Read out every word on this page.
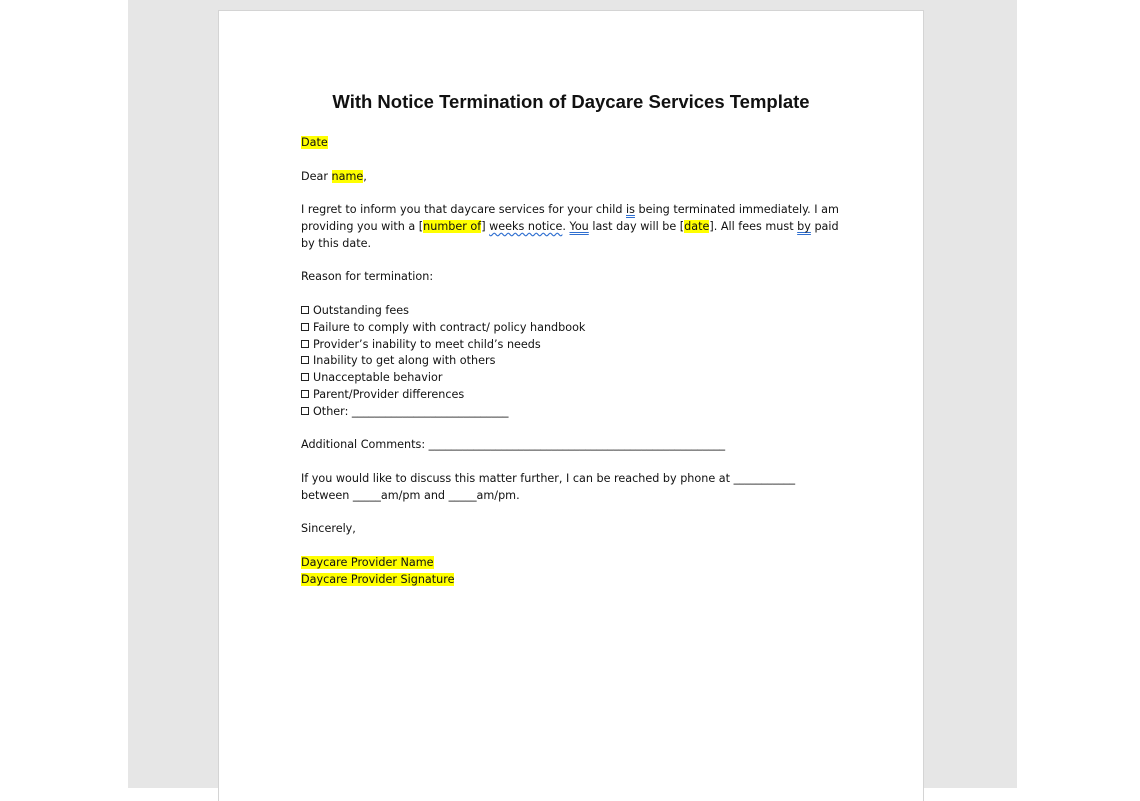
With Notice Termination of Daycare Services Template

Date

Dear name,

I regret to inform you that daycare services for your child is being terminated immediately. I am providing you with a [number of] weeks notice. You last day will be [date]. All fees must by paid by this date.

Reason for termination:

Outstanding fees

Failure to comply with contract/ policy handbook

Provider’s inability to meet child’s needs

Inability to get along with others

Unacceptable behavior

Parent/Provider differences

Other: ____________________________

Additional Comments: _____________________________________________________

If you would like to discuss this matter further, I can be reached by phone at ___________

between _____am/pm and _____am/pm.

Sincerely,

Daycare Provider Name

Daycare Provider Signature
